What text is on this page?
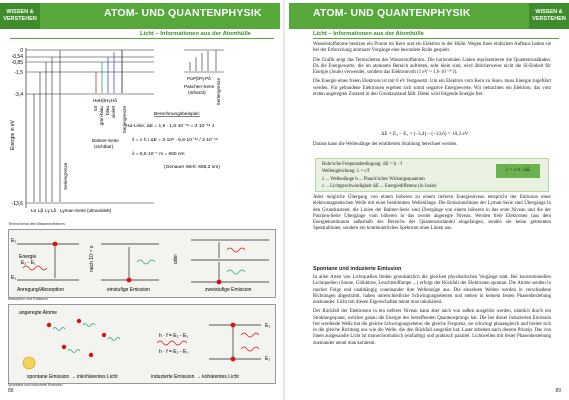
WISSEN &
VERSTEHEN	ATOM- UND QUANTENPHYSIK
Licht – Informationen aus der Atomhülle
Energie in eV
0
-0,54
-0,85
-1,5
-3,4
-13,6
Lα Lβ Lγ Lδ Lyman-Serie (ultraviolett)
Seriengrenze
Hα Hβ Hγ Hδ
rot grün-blau blau violett Seriengrenze
Balmer-Serie
(sichtbar)
Pα Pβ Pγ Pδ Seriengrenze
Paschen-Serie
(Infrarot)
Berechnungsbeispiel:
Hα-Linie: ΔE = 1,9 · 1,6·10⁻¹⁹ = 3·10⁻¹⁹ J
λ = c·h / ΔE = 3·10⁸ · 6,6·10⁻³⁴ / 3·10⁻¹⁹
λ = 6,6·10⁻⁷ m = 660 nm
(Genauer Wert: 656,2 nm)
Termschema des Wasserstoffatoms
E₂
E₁
Energie
E₂ - E₁
Anregung/Absorption
nach 10⁻⁸ s
einstufige Emission
oder
zweistufige Emission
Absorption und Emission
angeregte Atome
spontane Emission → inkohärentes Licht	induzierte Emission → kohärentes Licht
h · f = E₂ - E₁
h · f = E₂ - E₁
E₂
E₁
Spontane und induzierte Emission
88
WISSEN &
VERSTEHEN
ATOM- UND QUANTENPHYSIK
Licht – Informationen aus der Atomhülle

Wasserstoffatome besitzen ein Proton im Kern und ein Elektron in der Hülle. Wegen ihres einfachen Aufbaus hatten sie bei der Erforschung atomarer Vorgänge eine besondere Rolle gespielt.

Die Grafik zeigt das Termschema des Wasserstoffatoms. Die horizontalen Linien repräsentieren die Quantenzuständen. Da die Energiewerte, die im atomaren Bereich auftreten, sehr klein sind, wird üblicherweise nicht die SI-Einheit für Energie (Joule) verwendet, sondern das Elektronvolt (1 eV = 1,6·10⁻¹⁹ J).

Die Energie eines freien Elektrons ist mit 0 eV festgesetzt. Um ein Elektron vom Kern zu lösen, muss Energie zugeführt werden. Für gebundene Elektronen ergeben sich somit negative Energiewerte. Wir betrachten ein Elektron, das vom ersten angeregten Zustand in den Grundzustand fällt. Dabei wird folgende Energie frei:

ΔE = E₂ – E₁ = (–3,4) – (–13,6) = 10,2 eV

Daraus kann die Wellenlänge der emittierten Strahlung berechnet werden.

Bohr'sche Frequenzbedingung: ΔE = h · f
Wellengleichung: λ = c/f
λ ... Wellenlänge h ... Planck'sches Wirkungsquantum
c ... Lichtgeschwindigkeit ΔE ... Energiedifferenz (in Joule)
λ = c·h / ΔE

Jeder mögliche Übergang von einem höheren zu einem tieferen Energieniveau entspricht der Emission einer elektromagnetischen Welle mit einer bestimmten Wellenlänge. Die Emissionslinien der Lyman-Serie sind Übergänge in den Grundzustand, die Linien der Balmer-Serie sind Übergänge von einem höheren in das erste Niveau und die der Paschen-Serie Übergänge vom höheren in das zweite angeregte Niveau. Werden freie Elektronen (aus dem Energiekontinuum außerhalb des Bereichs der Quantenzustände) eingefangen, senden sie keine getrennten Spektrallinien, sondern ein kontinuierliches Spektrum ohne Linien aus.

Spontane und induzierte Emission

In allen Arten von Lichtquellen finden grundsätzlich die gleichen physikalischen Vorgänge statt. Bei konventionellen Lichtquellen (Sonne, Glühbirne, Leuchtstoffampe ...) erfolgt der Rückfall der Elektronen spontan. Die Atome senden in rascher Folge und unabhängig voneinander ihre Wellenzüge aus. Die einzelnen Wellen werden in verschiedene Richtungen abgestrahlt, haben unterschiedliche Schwingungsebenen und stehen in keinem festen Phasenbeziehung zueinander. Licht mit diesen Eigenschaften nennt man inkohärent.

Der Rückfall der Elektronen in ein tieferes Niveau kann aber auch von außen ausgelöst werden, nämlich durch ein Strahlungsquant, welches genau die Energie des betreffenden Quantensprungs hat. Die bei dieser induzierten Emission frei werdende Welle hat die gleiche Schwingungsebene, die gleiche Frequenz, sie schwingt phasengleich und breitet sich in die gleiche Richtung aus wie die Welle, die den Rückfall ausgelöst hat. Laser arbeiten nach diesem Prinzip. Das von ihnen ausgesandte Licht ist monochromatisch (einfarbig) und praktisch parallel. Lichtwellen mit fester Phasenbeziehung zueinander nennt man kohärent.

89
